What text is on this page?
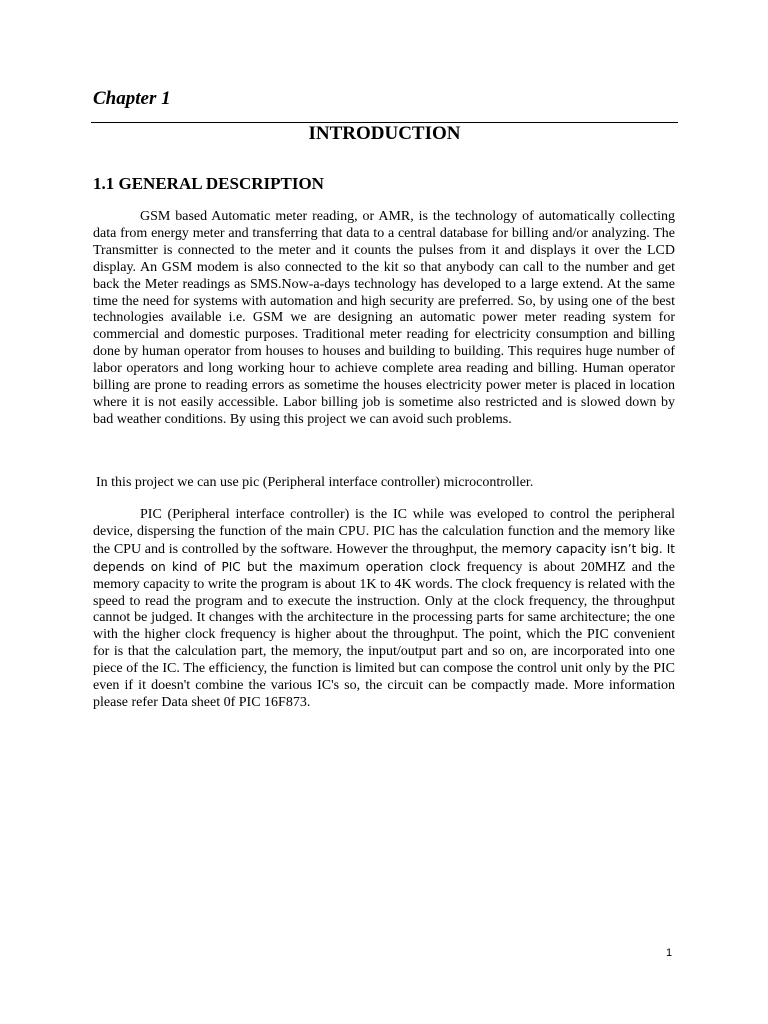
Chapter 1
INTRODUCTION
1.1 GENERAL DESCRIPTION

GSM based Automatic meter reading, or AMR, is the technology of automatically collecting data from energy meter and transferring that data to a central database for billing and/or analyzing. The Transmitter is connected to the meter and it counts the pulses from it and displays it over the LCD display. An GSM modem is also connected to the kit so that anybody can call to the number and get back the Meter readings as SMS.Now-a-days technology has developed to a large extend. At the same time the need for systems with automation and high security are preferred. So, by using one of the best technologies available i.e. GSM we are designing an automatic power meter reading system for commercial and domestic purposes. Traditional meter reading for electricity consumption and billing done by human operator from houses to houses and building to building. This requires huge number of labor operators and long working hour to achieve complete area reading and billing. Human operator billing are prone to reading errors as sometime the houses electricity power meter is placed in location where it is not easily accessible. Labor billing job is sometime also restricted and is slowed down by bad weather conditions. By using this project we can avoid such problems.

In this project we can use pic (Peripheral interface controller) microcontroller.

PIC (Peripheral interface controller) is the IC while was eveloped to control the peripheral device, dispersing the function of the main CPU. PIC has the calculation function and the memory like the CPU and is controlled by the software. However the throughput, the memory capacity isn’t big. It depends on kind of PIC but the maximum operation clock frequency is about 20MHZ and the memory capacity to write the program is about 1K to 4K words. The clock frequency is related with the speed to read the program and to execute the instruction. Only at the clock frequency, the throughput cannot be judged. It changes with the architecture in the processing parts for same architecture; the one with the higher clock frequency is higher about the throughput. The point, which the PIC convenient for is that the calculation part, the memory, the input/output part and so on, are incorporated into one piece of the IC. The efficiency, the function is limited but can compose the control unit only by the PIC even if it doesn't combine the various IC's so, the circuit can be compactly made. More information please refer Data sheet 0f PIC 16F873.

1
